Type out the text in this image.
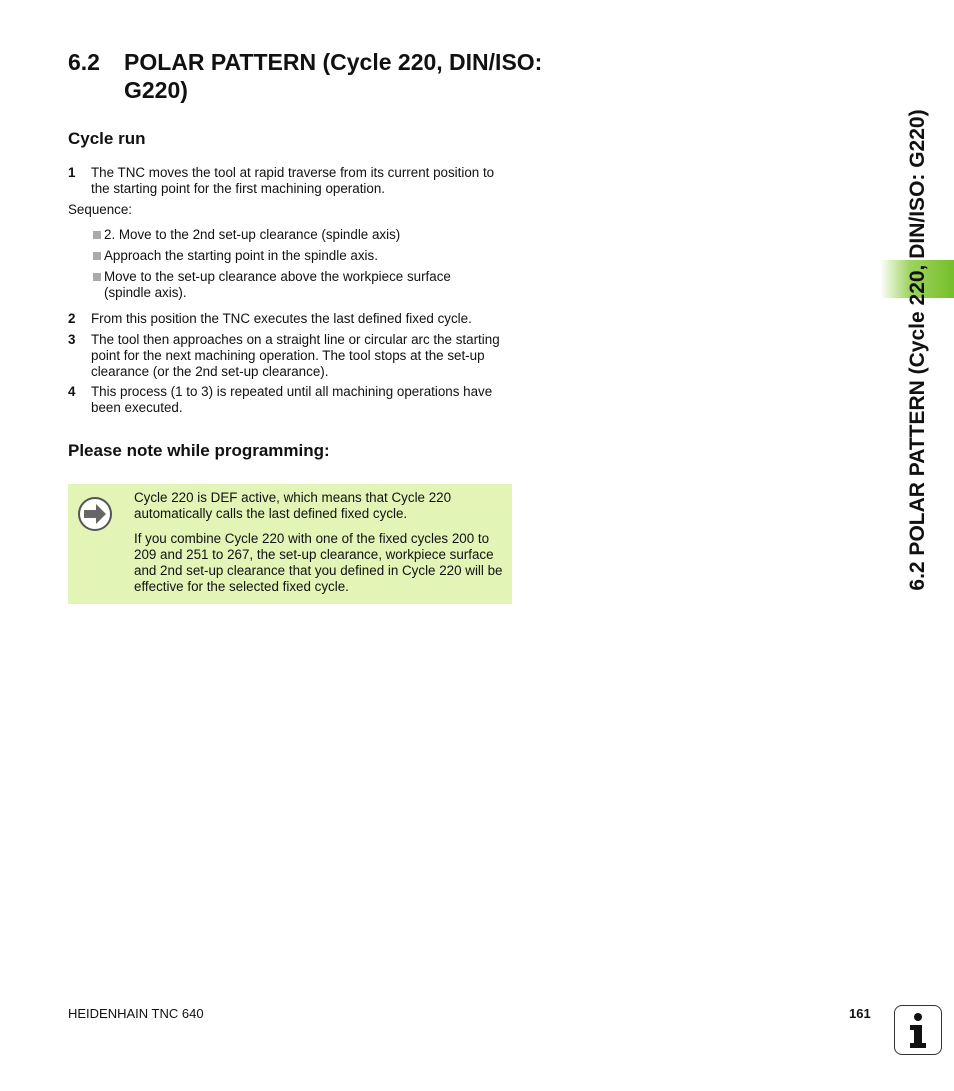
6.2 POLAR PATTERN (Cycle 220, DIN/ISO: G220)
Cycle run
1 The TNC moves the tool at rapid traverse from its current position to the starting point for the first machining operation.
Sequence:
2. Move to the 2nd set-up clearance (spindle axis)
Approach the starting point in the spindle axis.
Move to the set-up clearance above the workpiece surface (spindle axis).
2 From this position the TNC executes the last defined fixed cycle.
3 The tool then approaches on a straight line or circular arc the starting point for the next machining operation. The tool stops at the set-up clearance (or the 2nd set-up clearance).
4 This process (1 to 3) is repeated until all machining operations have been executed.
Please note while programming:
Cycle 220 is DEF active, which means that Cycle 220 automatically calls the last defined fixed cycle.
If you combine Cycle 220 with one of the fixed cycles 200 to 209 and 251 to 267, the set-up clearance, workpiece surface and 2nd set-up clearance that you defined in Cycle 220 will be effective for the selected fixed cycle.	6.2 POLAR PATTERN (Cycle 220, DIN/ISO: G220)
HEIDENHAIN TNC 640	161
